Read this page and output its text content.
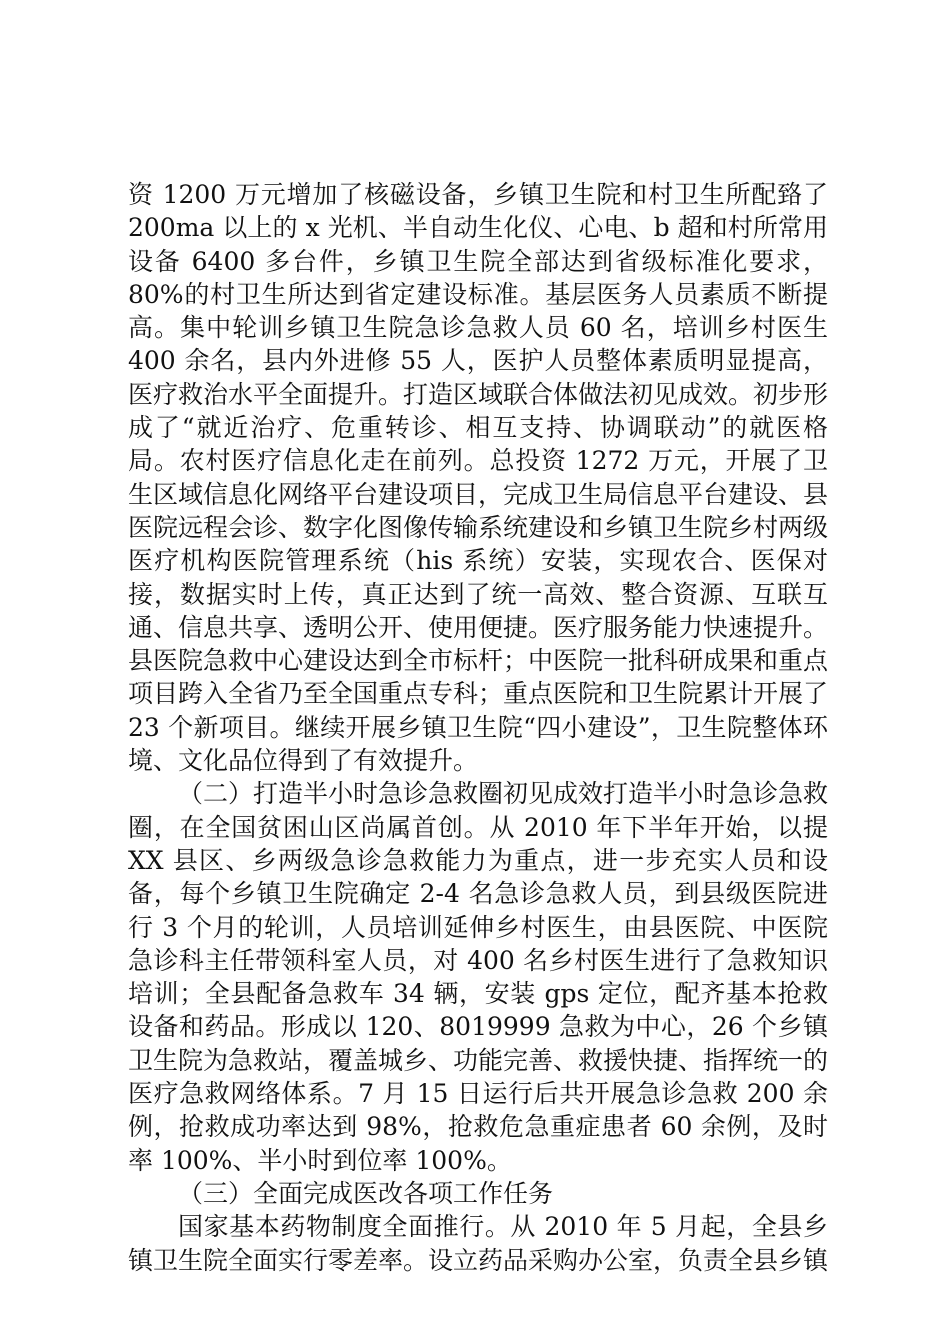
资 1200 万元增加了核磁设备，乡镇卫生院和村卫生所配臵了 200ma 以上的 x 光机、半自动生化仪、心电、b 超和村所常用设备 6400 多台件，乡镇卫生院全部达到省级标准化要求，80%的村卫生所达到省定建设标准。基层医务人员素质不断提高。集中轮训乡镇卫生院急诊急救人员 60 名，培训乡村医生 400 余名，县内外进修 55 人，医护人员整体素质明显提高，医疗救治水平全面提升。打造区域联合体做法初见成效。初步形成了“就近治疗、危重转诊、相互支持、协调联动”的就医格局。农村医疗信息化走在前列。总投资 1272 万元，开展了卫生区域信息化网络平台建设项目，完成卫生局信息平台建设、县医院远程会诊、数字化图像传输系统建设和乡镇卫生院乡村两级医疗机构医院管理系统（his 系统）安装，实现农合、医保对接，数据实时上传，真正达到了统一高效、整合资源、互联互通、信息共享、透明公开、使用便捷。医疗服务能力快速提升。县医院急救中心建设达到全市标杆；中医院一批科研成果和重点项目跨入全省乃至全国重点专科；重点医院和卫生院累计开展了 23 个新项目。继续开展乡镇卫生院“四小建设”，卫生院整体环境、文化品位得到了有效提升。

（二）打造半小时急诊急救圈初见成效打造半小时急诊急救圈，在全国贫困山区尚属首创。从 2010 年下半年开始，以提 XX 县区、乡两级急诊急救能力为重点，进一步充实人员和设备，每个乡镇卫生院确定 2-4 名急诊急救人员，到县级医院进行 3 个月的轮训，人员培训延伸乡村医生，由县医院、中医院急诊科主任带领科室人员，对 400 名乡村医生进行了急救知识培训；全县配备急救车 34 辆，安装 gps 定位，配齐基本抢救设备和药品。形成以 120、8019999 急救为中心，26 个乡镇卫生院为急救站，覆盖城乡、功能完善、救援快捷、指挥统一的医疗急救网络体系。7 月 15 日运行后共开展急诊急救 200 余例，抢救成功率达到 98%，抢救危急重症患者 60 余例，及时率 100%、半小时到位率 100%。

（三）全面完成医改各项工作任务

国家基本药物制度全面推行。从 2010 年 5 月起，全县乡镇卫生院全面实行零差率。设立药品采购办公室，负责全县乡镇
